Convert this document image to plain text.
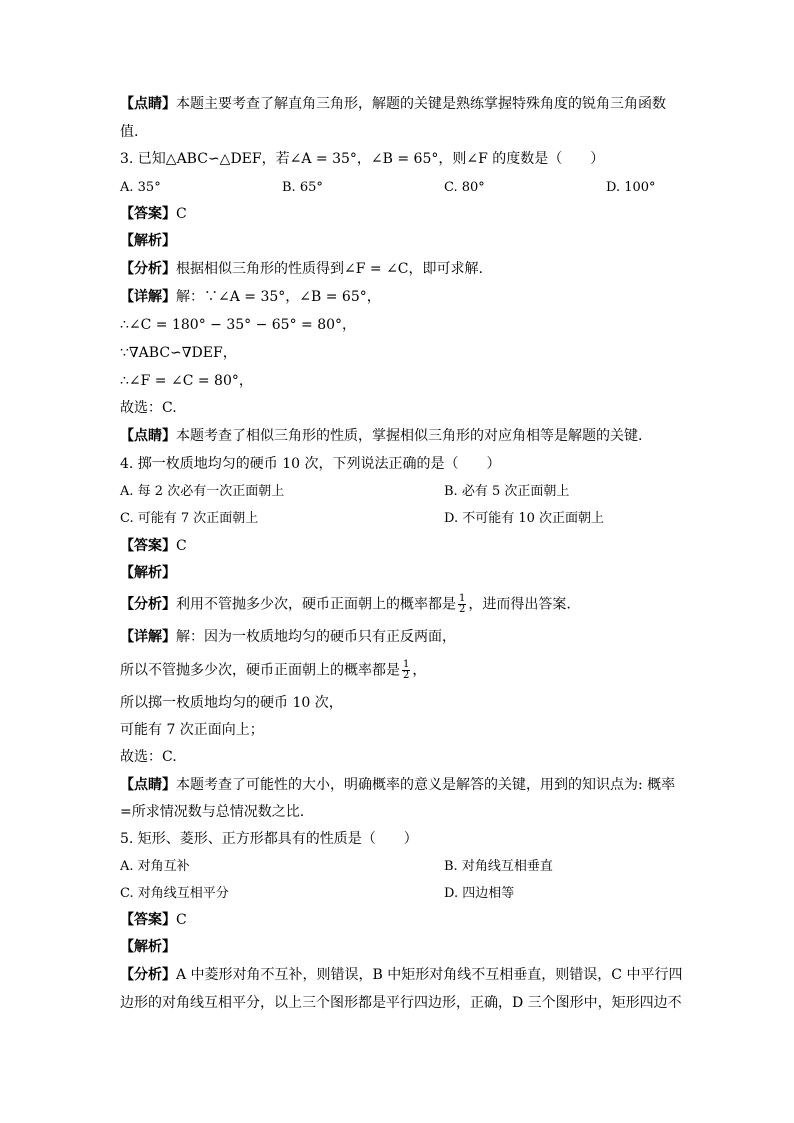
【点睛】本题主要考查了解直角三角形，解题的关键是熟练掌握特殊角度的锐角三角函数
值.
3. 已知△ABC∽△DEF，若∠A = 35°，∠B = 65°，则∠F 的度数是（　　）
A. 35°	B. 65°	C. 80°	D. 100°
【答案】C
【解析】
【分析】根据相似三角形的性质得到∠F = ∠C，即可求解.
【详解】解：∵∠A = 35°，∠B = 65°，
∴∠C = 180° − 35° − 65° = 80°，
∵∇ABC∽∇DEF，
∴∠F = ∠C = 80°，
故选：C.
【点睛】本题考查了相似三角形的性质，掌握相似三角形的对应角相等是解题的关键.
4. 掷一枚质地均匀的硬币 10 次，下列说法正确的是（　　）
A. 每 2 次必有一次正面朝上	B. 必有 5 次正面朝上
C. 可能有 7 次正面朝上	D. 不可能有 10 次正面朝上
【答案】C
【解析】
【分析】利用不管抛多少次，硬币正面朝上的概率都是 $\frac{1}{2}$ ，进而得出答案.
【详解】解：因为一枚质地均匀的硬币只有正反两面，
所以不管抛多少次，硬币正面朝上的概率都是 $\frac{1}{2}$ ，
所以掷一枚质地均匀的硬币 10 次，
可能有 7 次正面向上；
故选：C.
【点睛】本题考查了可能性的大小，明确概率的意义是解答的关键，用到的知识点为: 概率
=所求情况数与总情况数之比.
5. 矩形、菱形、正方形都具有的性质是（　　）
A. 对角互补	B. 对角线互相垂直
C. 对角线互相平分	D. 四边相等
【答案】C
【解析】
【分析】A 中菱形对角不互补，则错误，B 中矩形对角线不互相垂直，则错误，C 中平行四
边形的对角线互相平分，以上三个图形都是平行四边形，正确，D 三个图形中，矩形四边不
